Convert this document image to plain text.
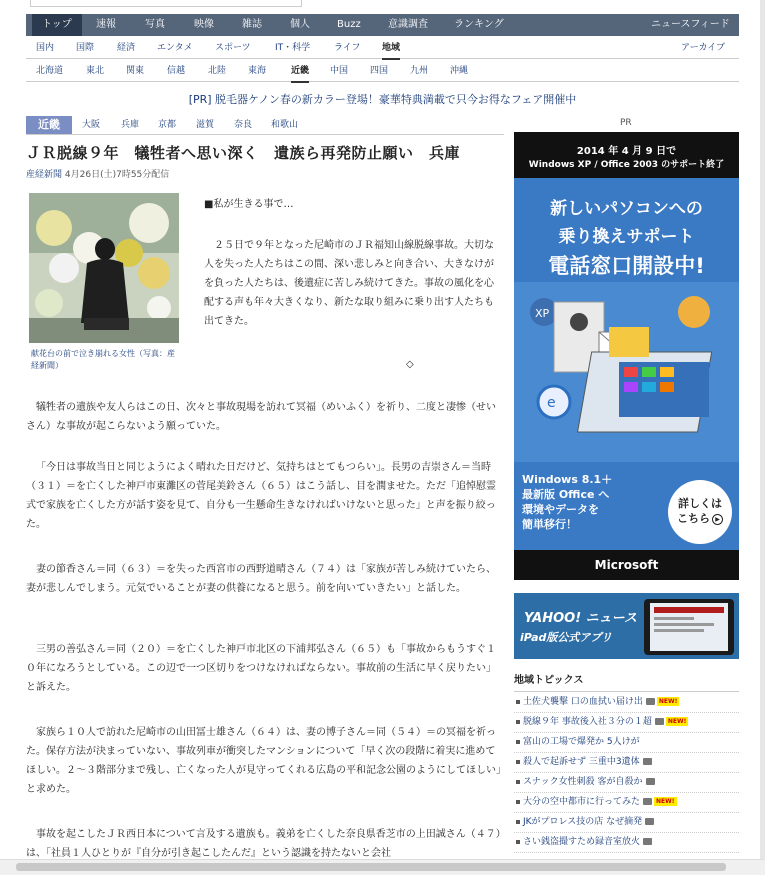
トップ	速報	写真	映像	雑誌	個人	Buzz	意識調査	ランキング	ニュースフィード
国内 国際	経済 エンタメ スポーツ	IT・科学	ライフ 地域	アーカイブ
北海道	東北 関東	信越	北陸 東海	近畿 中国 四国 九州 沖縄
[PR] 脱毛器ケノン春の新カラー登場！豪華特典満載で只今お得なフェア開催中
近畿	大阪 兵庫 京都 滋賀 奈良 和歌山	PR
ＪＲ脱線９年　犠牲者へ思い深く　遺族ら再発防止願い　兵庫
産経新聞 4月26日(土)7時55分配信
献花台の前で泣き崩れる女性（写真：産経新聞）
■私が生きる事で…

２５日で９年となった尼崎市のＪＲ福知山線脱線事故。大切な人を失った人たちはこの間、深い悲しみと向き合い、大きなけがを負った人たちは、後遺症に苦しみ続けてきた。事故の風化を心配する声も年々大きくなり、新たな取り組みに乗り出す人たちも出てきた。

◇

犠牲者の遺族や友人らはこの日、次々と事故現場を訪れて冥福（めいふく）を祈り、二度と凄惨（せいさん）な事故が起こらないよう願っていた。

「今日は事故当日と同じようによく晴れた日だけど、気持ちはとてもつらい」。長男の吉崇さん＝当時（３１）＝を亡くした神戸市東灘区の菅尾美鈴さん（６５）はこう話し、目を潤ませた。ただ「追悼慰霊式で家族を亡くした方が話す姿を見て、自分も一生懸命生きなければいけないと思った」と声を振り絞った。

妻の節香さん＝同（６３）＝を失った西宮市の西野道晴さん（７４）は「家族が苦しみ続けていたら、妻が悲しんでしまう。元気でいることが妻の供養になると思う。前を向いていきたい」と話した。

三男の善弘さん＝同（２０）＝を亡くした神戸市北区の下浦邦弘さん（６５）も「事故からもうすぐ１０年になろうとしている。この辺で一つ区切りをつけなければならない。事故前の生活に早く戻りたい」と訴えた。

家族ら１０人で訪れた尼崎市の山田冨士雄さん（６４）は、妻の博子さん＝同（５４）＝の冥福を祈った。保存方法が決まっていない、事故列車が衝突したマンションについて「早く次の段階に着実に進めてほしい。２～３階部分まで残し、亡くなった人が見守ってくれる広島の平和記念公園のようにしてほしい」と求めた。

事故を起こしたＪＲ西日本について言及する遺族も。義弟を亡くした奈良県香芝市の上田誠さん（４７）は、「社員１人ひとりが『自分が引き起こしたんだ』という認識を持たないと会社

2014 年 4 月 9 日で
Windows XP / Office 2003 のサポート終了
新しいパソコンへの
乗り換えサポート
電話窓口開設中!
XP
e
Windows 8.1＋
最新版 Office へ
環境やデータを
簡単移行！
詳しくは
こちら ▶
Microsoft
YAHOO! ニュース
iPad版公式アプリ
地域トピックス
土佐犬襲撃 口の血拭い届け出	NEW!
脱線９年 事故後入社３分の１超	NEW!
富山の工場で爆発か 5人けが
殺人で起訴せず 三重中3遺体
スナック女性刺殺 客が自殺か
大分の空中都市に行ってみた	NEW!
JKがプロレス技の店 なぜ摘発
さい銭盗撮すため録音室放火
